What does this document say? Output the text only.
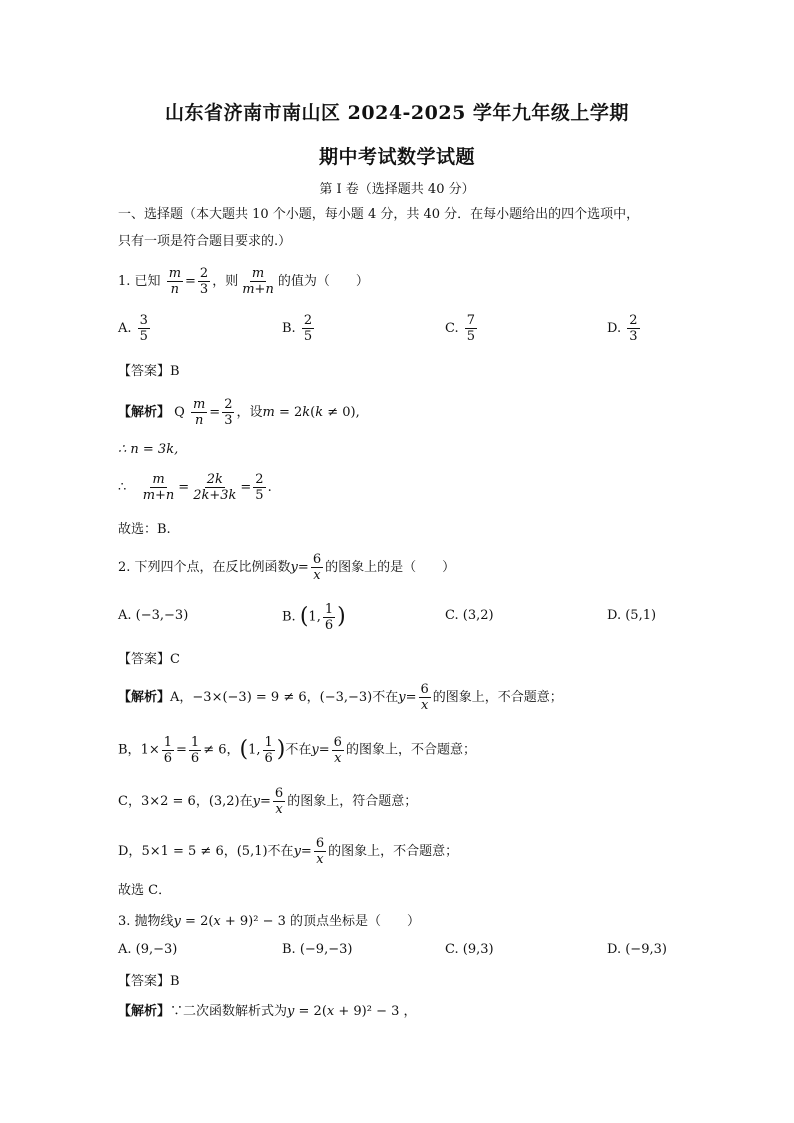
山东省济南市南山区 2024-2025 学年九年级上学期
期中考试数学试题
第 I 卷（选择题共 40 分）
一、选择题（本大题共 10 个小题，每小题 4 分，共 40 分．在每小题给出的四个选项中，
只有一项是符合题目要求的.）
1. 已知 $\frac{m}{n} = \frac{2}{3}$ ，则 $\frac{m}{m+n}$ 的值为（　　）
A. $\frac{3}{5}$	B. $\frac{2}{5}$	C. $\frac{7}{5}$	D. $\frac{2}{3}$
【答案】B
【解析】 Q $\frac{m}{n} = \frac{2}{3}$ ，设m = 2k(k ≠ 0),
∴ n = 3k,
∴ $\frac{m}{m+n} = \frac{2k}{2k+3k} = \frac{2}{5}$ .
故选：B.
2. 下列四个点，在反比例函数$y= \frac{6}{x}$ 的图象上的是（　　）
A. (−3,−3)	B. (1, $\frac{1}{6}$ )	C. (3,2)	D. (5,1)
【答案】C
【解析】A，−3×(−3) = 9 ≠ 6，(−3,−3)不在$y= \frac{6}{x}$ 的图象上，不合题意；
B，$1\times \frac{1}{6} = \frac{1}{6} \ne 6$，(1, $\frac{1}{6}$ )不在$y= \frac{6}{x}$ 的图象上，不合题意；
C，3×2 = 6，(3,2)在$y= \frac{6}{x}$ 的图象上，符合题意；
D，5×1 = 5 ≠ 6，(5,1)不在$y= \frac{6}{x}$ 的图象上，不合题意；
故选 C．
3. 抛物线y = 2(x + 9)² − 3 的顶点坐标是（　　）
A. (9,−3)	B. (−9,−3)	C. (9,3)	D. (−9,3)
【答案】B
【解析】∵二次函数解析式为y = 2(x + 9)² − 3 ，
